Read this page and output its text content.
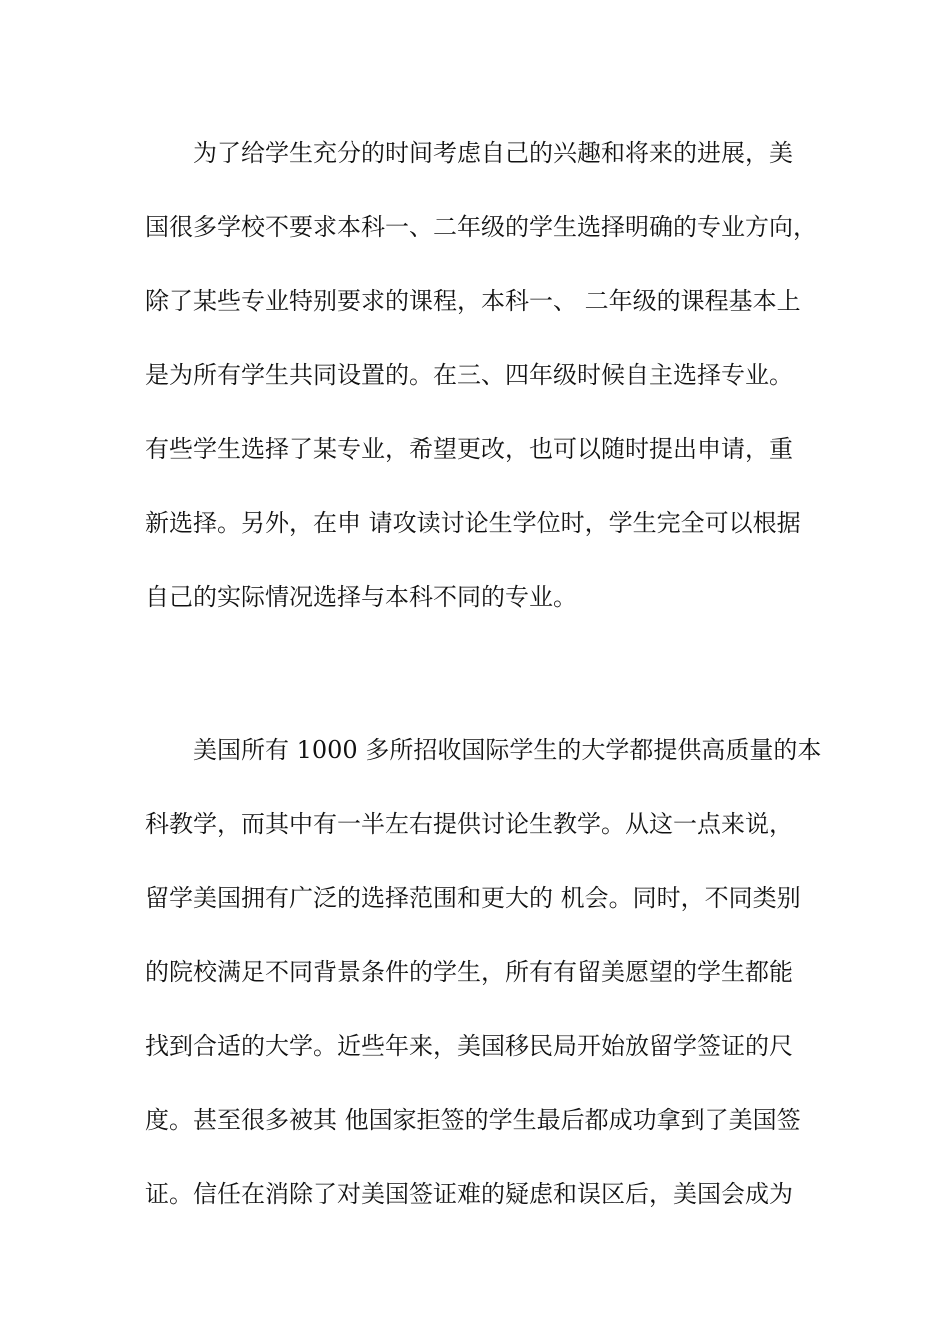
为了给学生充分的时间考虑自己的兴趣和将来的进展，美
国很多学校不要求本科一、二年级的学生选择明确的专业方向，
除了某些专业特别要求的课程，本科一、 二年级的课程基本上
是为所有学生共同设置的。在三、四年级时候自主选择专业。
有些学生选择了某专业，希望更改，也可以随时提出申请，重
新选择。另外，在申 请攻读讨论生学位时，学生完全可以根据
自己的实际情况选择与本科不同的专业。
美国所有 1000 多所招收国际学生的大学都提供高质量的本
科教学，而其中有一半左右提供讨论生教学。从这一点来说，
留学美国拥有广泛的选择范围和更大的 机会。同时，不同类别
的院校满足不同背景条件的学生，所有有留美愿望的学生都能
找到合适的大学。近些年来，美国移民局开始放留学签证的尺
度。甚至很多被其 他国家拒签的学生最后都成功拿到了美国签
证。信任在消除了对美国签证难的疑虑和误区后，美国会成为
